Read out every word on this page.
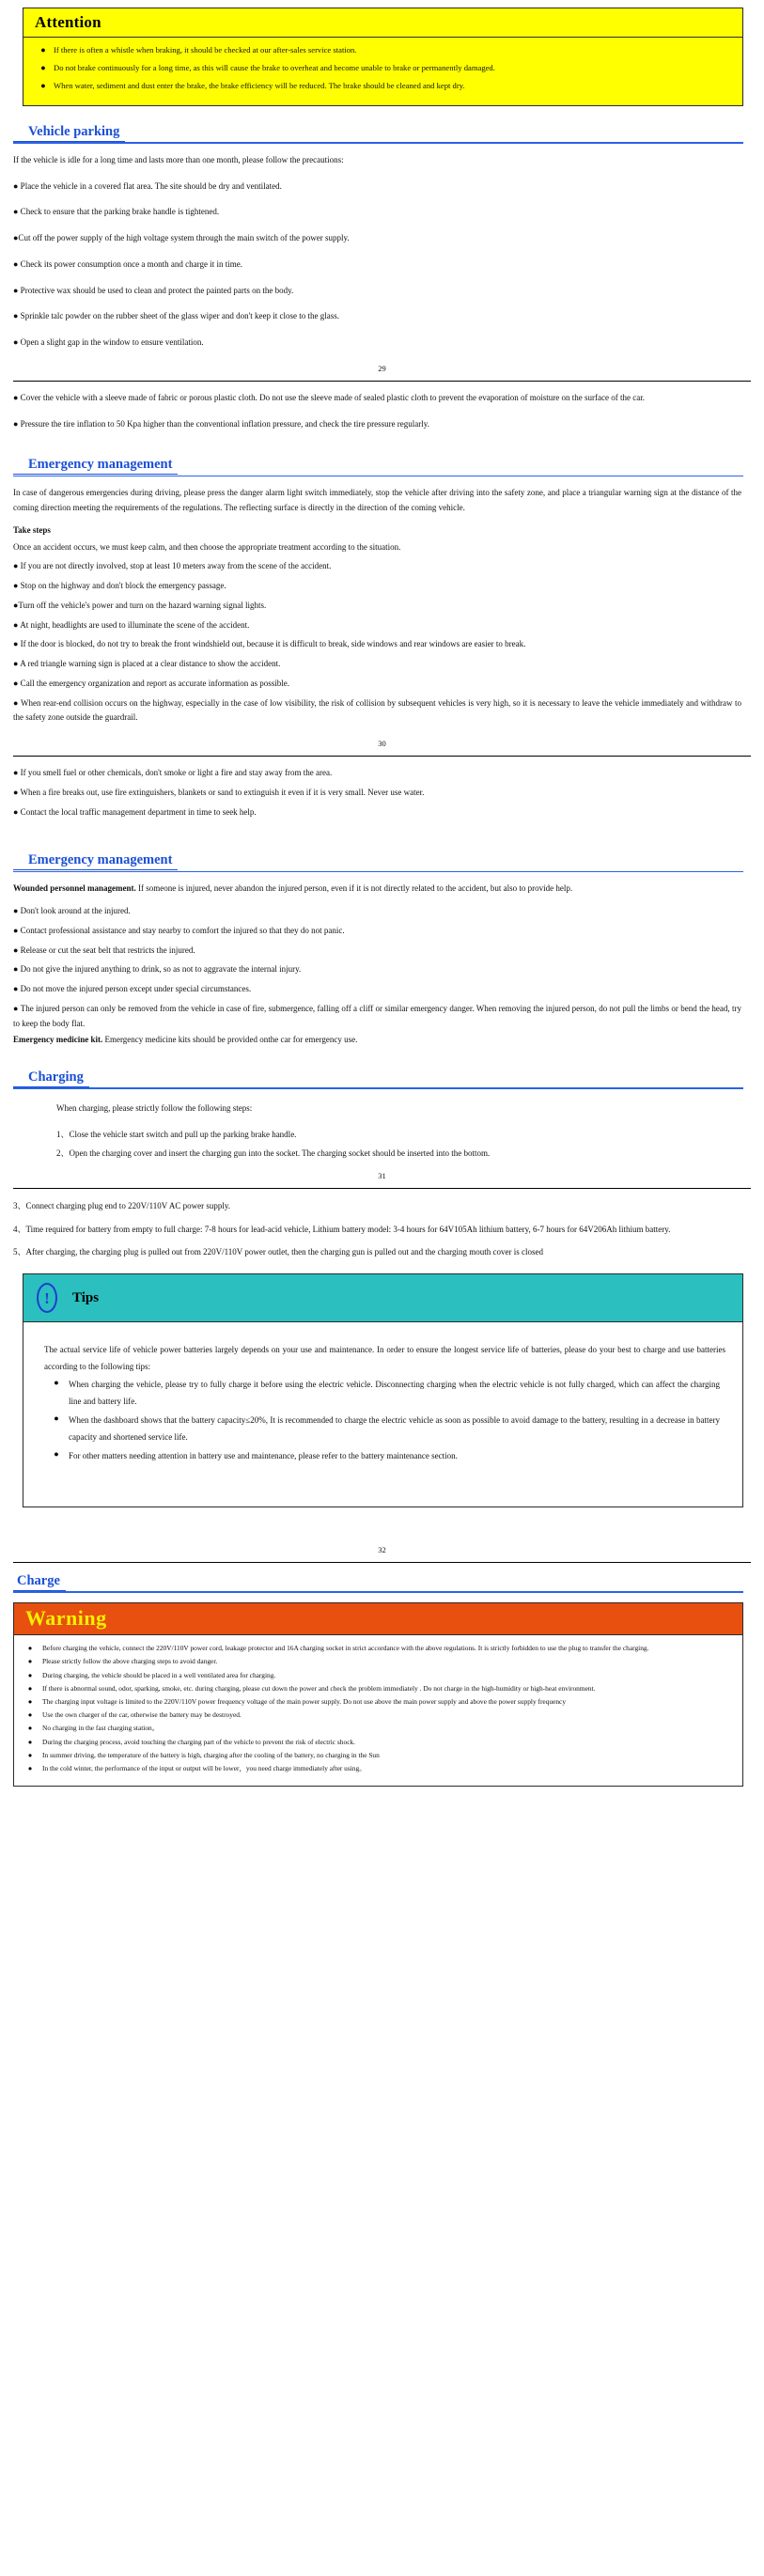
Attention
● If there is often a whistle when braking, it should be checked at our after-sales service station.
● Do not brake continuously for a long time, as this will cause the brake to overheat and become unable to brake or permanently damaged.
● When water, sediment and dust enter the brake, the brake efficiency will be reduced. The brake should be cleaned and kept dry.
Vehicle parking
If the vehicle is idle for a long time and lasts more than one month, please follow the precautions:
● Place the vehicle in a covered flat area. The site should be dry and ventilated.
● Check to ensure that the parking brake handle is tightened.
●Cut off the power supply of the high voltage system through the main switch of the power supply.
● Check its power consumption once a month and charge it in time.
● Protective wax should be used to clean and protect the painted parts on the body.
● Sprinkle talc powder on the rubber sheet of the glass wiper and don't keep it close to the glass.
● Open a slight gap in the window to ensure ventilation.
29
● Cover the vehicle with a sleeve made of fabric or porous plastic cloth. Do not use the sleeve made of sealed plastic cloth to prevent the evaporation of moisture on the surface of the car.
● Pressure the tire inflation to 50 Kpa higher than the conventional inflation pressure, and check the tire pressure regularly.
Emergency management
In case of dangerous emergencies during driving, please press the danger alarm light switch immediately, stop the vehicle after driving into the safety zone, and place a triangular warning sign at the distance of the coming direction meeting the requirements of the regulations. The reflecting surface is directly in the direction of the coming vehicle.
Take steps
Once an accident occurs, we must keep calm, and then choose the appropriate treatment according to the situation.
● If you are not directly involved, stop at least 10 meters away from the scene of the accident.
● Stop on the highway and don't block the emergency passage.
●Turn off the vehicle's power and turn on the hazard warning signal lights.
● At night, headlights are used to illuminate the scene of the accident.
● If the door is blocked, do not try to break the front windshield out, because it is difficult to break, side windows and rear windows are easier to break.
● A red triangle warning sign is placed at a clear distance to show the accident.
● Call the emergency organization and report as accurate information as possible.
● When rear-end collision occurs on the highway, especially in the case of low visibility, the risk of collision by subsequent vehicles is very high, so it is necessary to leave the vehicle immediately and withdraw to the safety zone outside the guardrail.
30
● If you smell fuel or other chemicals, don't smoke or light a fire and stay away from the area.
● When a fire breaks out, use fire extinguishers, blankets or sand to extinguish it even if it is very small. Never use water.
● Contact the local traffic management department in time to seek help.
Emergency management
Wounded personnel management. If someone is injured, never abandon the injured person, even if it is not directly related to the accident, but also to provide help.
● Don't look around at the injured.
● Contact professional assistance and stay nearby to comfort the injured so that they do not panic.
● Release or cut the seat belt that restricts the injured.
● Do not give the injured anything to drink, so as not to aggravate the internal injury.
● Do not move the injured person except under special circumstances.
● The injured person can only be removed from the vehicle in case of fire, submergence, falling off a cliff or similar emergency danger. When removing the injured person, do not pull the limbs or bend the head, try to keep the body flat.
Emergency medicine kit. Emergency medicine kits should be provided onthe car for emergency use.
Charging
When charging, please strictly follow the following steps:
1、Close the vehicle start switch and pull up the parking brake handle.
2、Open the charging cover and insert the charging gun into the socket. The charging socket should be inserted into the bottom.
31
3、Connect charging plug end to 220V/110V AC power supply.
4、Time required for battery from empty to full charge: 7-8 hours for lead-acid vehicle, Lithium battery model: 3-4 hours for 64V105Ah lithium battery, 6-7 hours for 64V206Ah lithium battery.
5、After charging, the charging plug is pulled out from 220V/110V power outlet, then the charging gun is pulled out and the charging mouth cover is closed
!	Tips

The actual service life of vehicle power batteries largely depends on your use and maintenance. In order to ensure the longest service life of batteries, please do your best to charge and use batteries according to the following tips:

●	When charging the vehicle, please try to fully charge it before using the electric vehicle. Disconnecting charging when the electric vehicle is not fully charged, which can affect the charging line and battery life.
●	When the dashboard shows that the battery capacity≤20%, It is recommended to charge the electric vehicle as soon as possible to avoid damage to the battery, resulting in a decrease in battery capacity and shortened service life.
●	For other matters needing attention in battery use and maintenance, please refer to the battery maintenance section.
32
Charge
Warning
●	Before charging the vehicle, connect the 220V/110V power cord, leakage protector and 16A charging socket in strict accordance with the above regulations. It is strictly forbidden to use the plug to transfer the charging.
●	Please strictly follow the above charging steps to avoid danger.
●	During charging, the vehicle should be placed in a well ventilated area for charging.
●	If there is abnormal sound, odor, sparking, smoke, etc. during charging, please cut down the power and check the problem immediately . Do not charge in the high-humidity or high-heat environment.
●	The charging input voltage is limited to the 220V/110V power frequency voltage of the main power supply. Do not use above the main power supply and above the power supply frequency
●	Use the own charger of the car, otherwise the battery may be destroyed.
●	No charging in the fast charging station。
●	During the charging process, avoid touching the charging part of the vehicle to prevent the risk of electric shock.
●	In summer driving, the temperature of the battery is high, charging after the cooling of the battery, no charging in the Sun
●	In the cold winter, the performance of the input or output will be lower，you need charge immediately after using。
